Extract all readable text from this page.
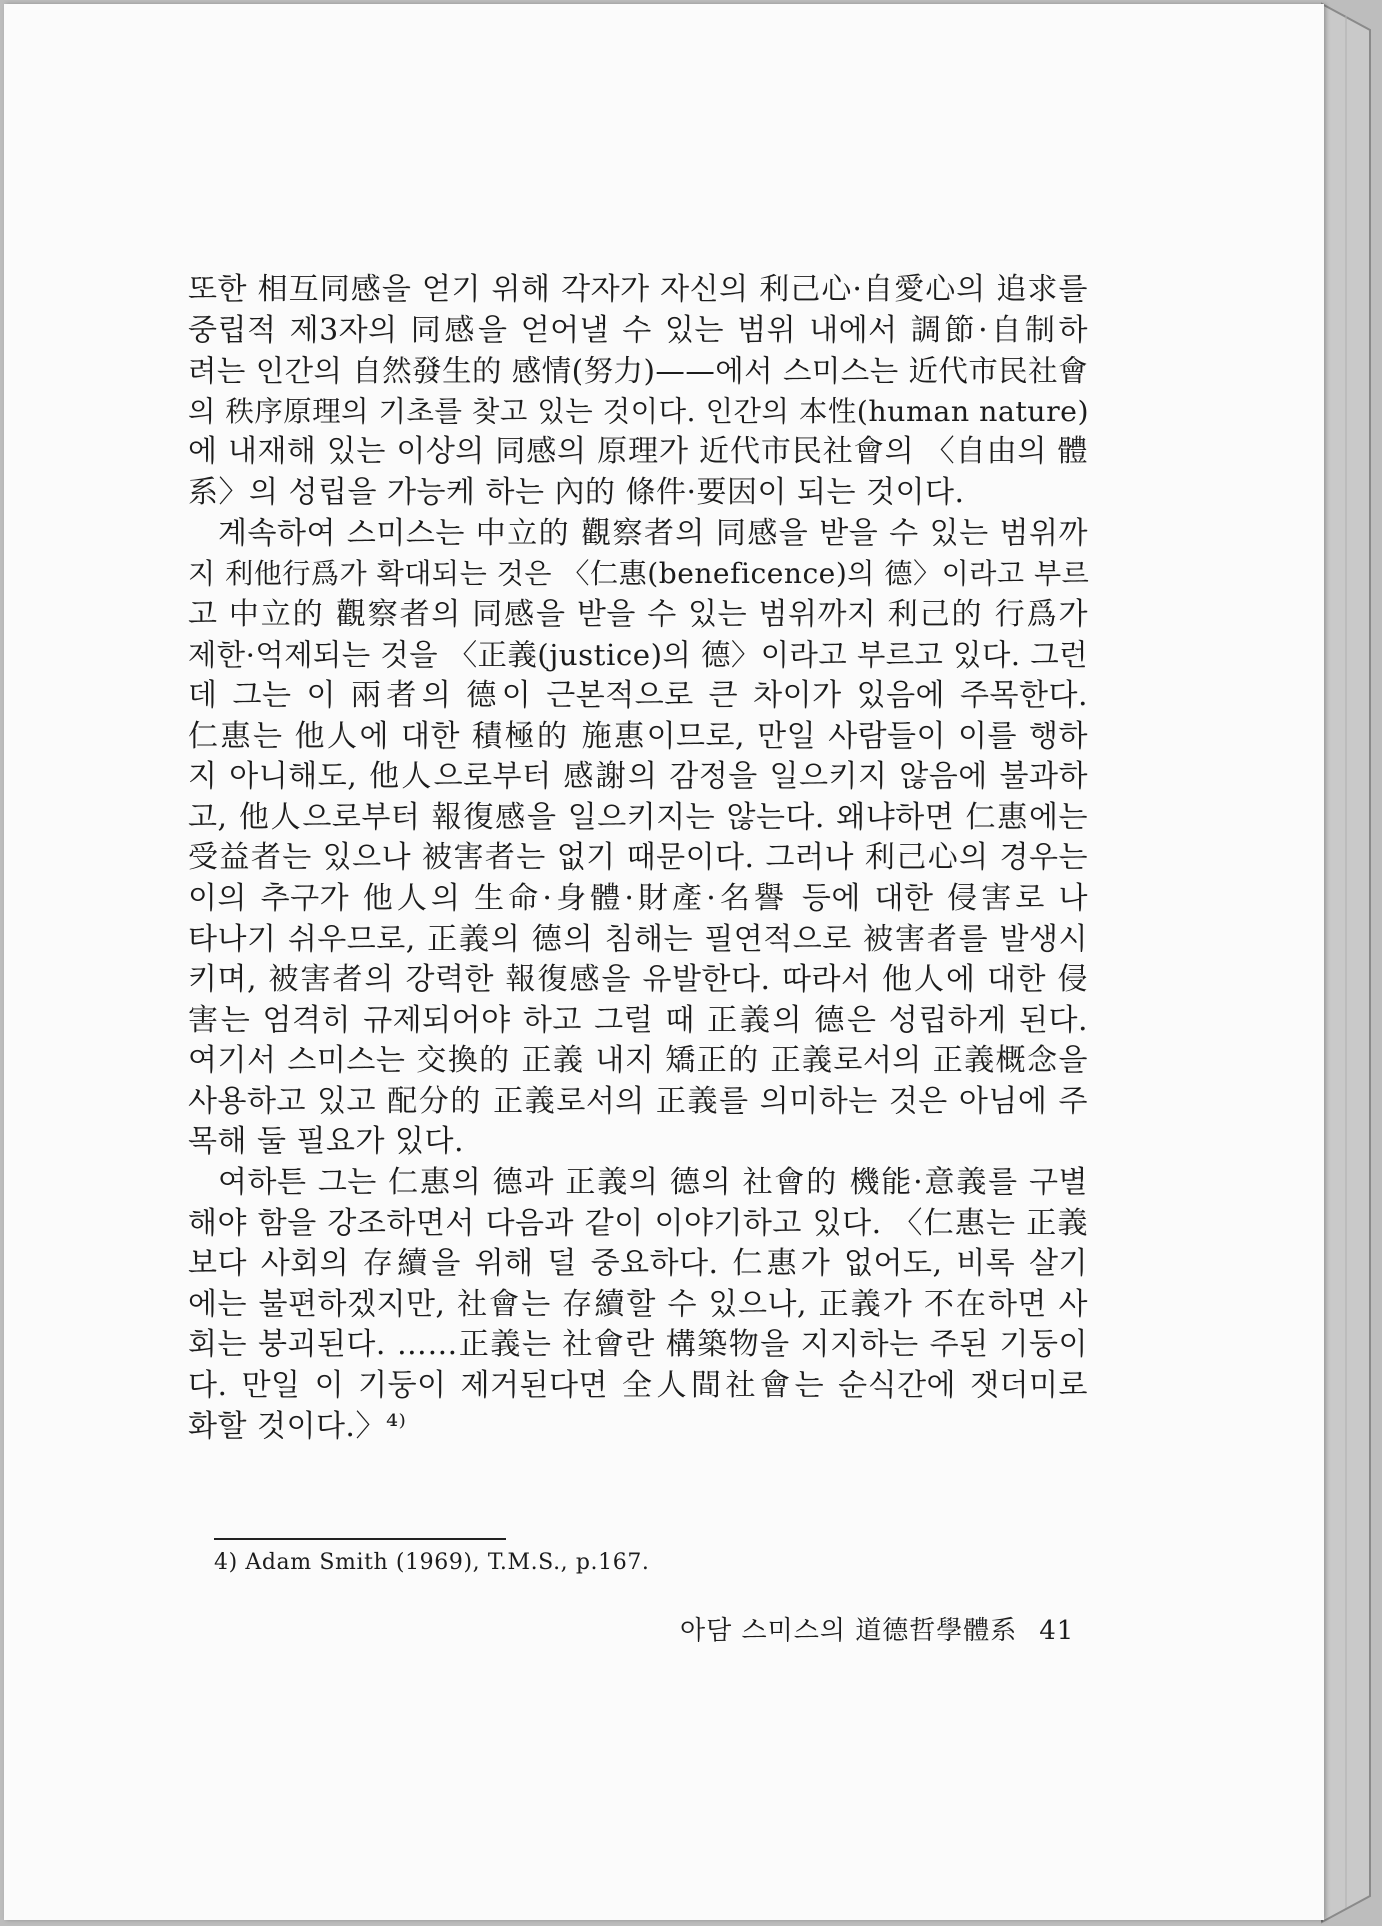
또한 相互同感을 얻기 위해 각자가 자신의 利己心·自愛心의 追求를
중립적 제3자의 同感을 얻어낼 수 있는 범위 내에서 調節·自制하
려는 인간의 自然發生的 感情(努力)——에서 스미스는 近代市民社會
의 秩序原理의 기초를 찾고 있는 것이다. 인간의 本性(human nature)
에 내재해 있는 이상의 同感의 原理가 近代市民社會의 〈自由의 體
系〉의 성립을 가능케 하는 內的 條件·要因이 되는 것이다.

계속하여 스미스는 中立的 觀察者의 同感을 받을 수 있는 범위까
지 利他行爲가 확대되는 것은 〈仁惠(beneficence)의 德〉이라고 부르
고 中立的 觀察者의 同感을 받을 수 있는 범위까지 利己的 行爲가
제한·억제되는 것을 〈正義(justice)의 德〉이라고 부르고 있다. 그런
데 그는 이 兩者의 德이 근본적으로 큰 차이가 있음에 주목한다.
仁惠는 他人에 대한 積極的 施惠이므로, 만일 사람들이 이를 행하
지 아니해도, 他人으로부터 感謝의 감정을 일으키지 않음에 불과하
고, 他人으로부터 報復感을 일으키지는 않는다. 왜냐하면 仁惠에는
受益者는 있으나 被害者는 없기 때문이다. 그러나 利己心의 경우는
이의 추구가 他人의 生命·身體·財產·名譽 등에 대한 侵害로 나
타나기 쉬우므로, 正義의 德의 침해는 필연적으로 被害者를 발생시
키며, 被害者의 강력한 報復感을 유발한다. 따라서 他人에 대한 侵
害는 엄격히 규제되어야 하고 그럴 때 正義의 德은 성립하게 된다.
여기서 스미스는 交換的 正義 내지 矯正的 正義로서의 正義概念을
사용하고 있고 配分的 正義로서의 正義를 의미하는 것은 아님에 주
목해 둘 필요가 있다.

여하튼 그는 仁惠의 德과 正義의 德의 社會的 機能·意義를 구별
해야 함을 강조하면서 다음과 같이 이야기하고 있다. 〈仁惠는 正義
보다 사회의 存續을 위해 덜 중요하다. 仁惠가 없어도, 비록 살기
에는 불편하겠지만, 社會는 存續할 수 있으나, 正義가 不在하면 사
회는 붕괴된다. ……正義는 社會란 構築物을 지지하는 주된 기둥이
다. 만일 이 기둥이 제거된다면 全人間社會는 순식간에 잿더미로
화할 것이다.〉⁴⁾

4) Adam Smith (1969), T.M.S., p.167.
아담 스미스의 道德哲學體系 41
